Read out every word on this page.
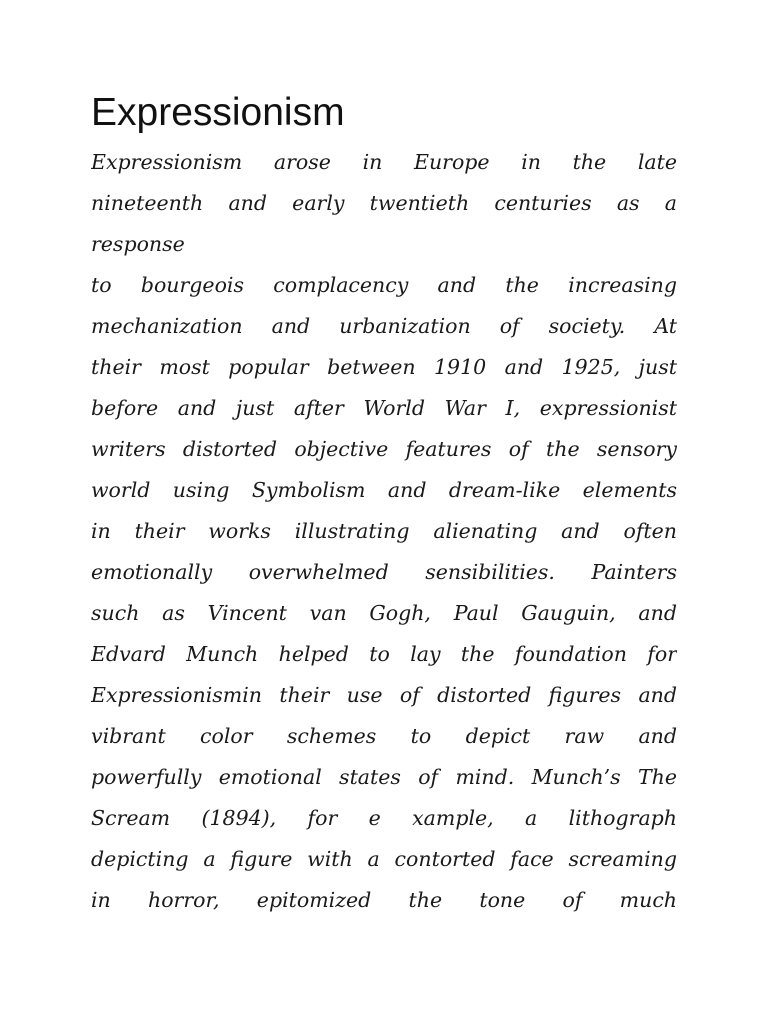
Expressionism
Expressionism arose in Europe in the late
nineteenth and early twentieth centuries as a
response
to bourgeois complacency and the increasing
mechanization and urbanization of society. At
their most popular between 1910 and 1925, just
before and just after World War I, expressionist
writers distorted objective features of the sensory
world using Symbolism and dream-like elements
in their works illustrating alienating and often
emotionally overwhelmed sensibilities. Painters
such as Vincent van Gogh, Paul Gauguin, and
Edvard Munch helped to lay the foundation for
Expressionismin their use of distorted figures and
vibrant color schemes to depict raw and
powerfully emotional states of mind. Munch’s The
Scream (1894), for e xample, a lithograph
depicting a figure with a contorted face screaming
in horror, epitomized the tone of much
